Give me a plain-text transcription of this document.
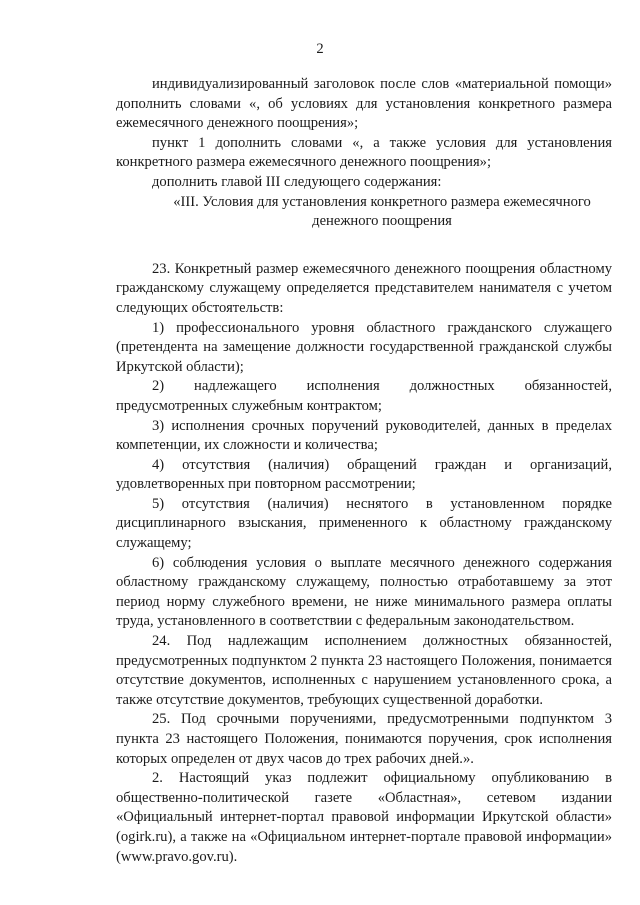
2

индивидуализированный заголовок после слов «материальной помощи» дополнить словами «, об условиях для установления конкретного размера ежемесячного денежного поощрения»;

пункт 1 дополнить словами «, а также условия для установления конкретного размера ежемесячного денежного поощрения»;

дополнить главой III следующего содержания:

«III. Условия для установления конкретного размера ежемесячного денежного поощрения

23. Конкретный размер ежемесячного денежного поощрения областному гражданскому служащему определяется представителем нанимателя с учетом следующих обстоятельств:

1) профессионального уровня областного гражданского служащего (претендента на замещение должности государственной гражданской службы Иркутской области);

2) надлежащего исполнения должностных обязанностей, предусмотренных служебным контрактом;

3) исполнения срочных поручений руководителей, данных в пределах компетенции, их сложности и количества;

4) отсутствия (наличия) обращений граждан и организаций, удовлетворенных при повторном рассмотрении;

5) отсутствия (наличия) неснятого в установленном порядке дисциплинарного взыскания, примененного к областному гражданскому служащему;

6) соблюдения условия о выплате месячного денежного содержания областному гражданскому служащему, полностью отработавшему за этот период норму служебного времени, не ниже минимального размера оплаты труда, установленного в соответствии с федеральным законодательством.

24. Под надлежащим исполнением должностных обязанностей, предусмотренных подпунктом 2 пункта 23 настоящего Положения, понимается отсутствие документов, исполненных с нарушением установленного срока, а также отсутствие документов, требующих существенной доработки.

25. Под срочными поручениями, предусмотренными подпунктом 3 пункта 23 настоящего Положения, понимаются поручения, срок исполнения которых определен от двух часов до трех рабочих дней.».

2. Настоящий указ подлежит официальному опубликованию в общественно-политической газете «Областная», сетевом издании «Официальный интернет-портал правовой информации Иркутской области» (ogirk.ru), а также на «Официальном интернет-портале правовой информации» (www.pravo.gov.ru).
